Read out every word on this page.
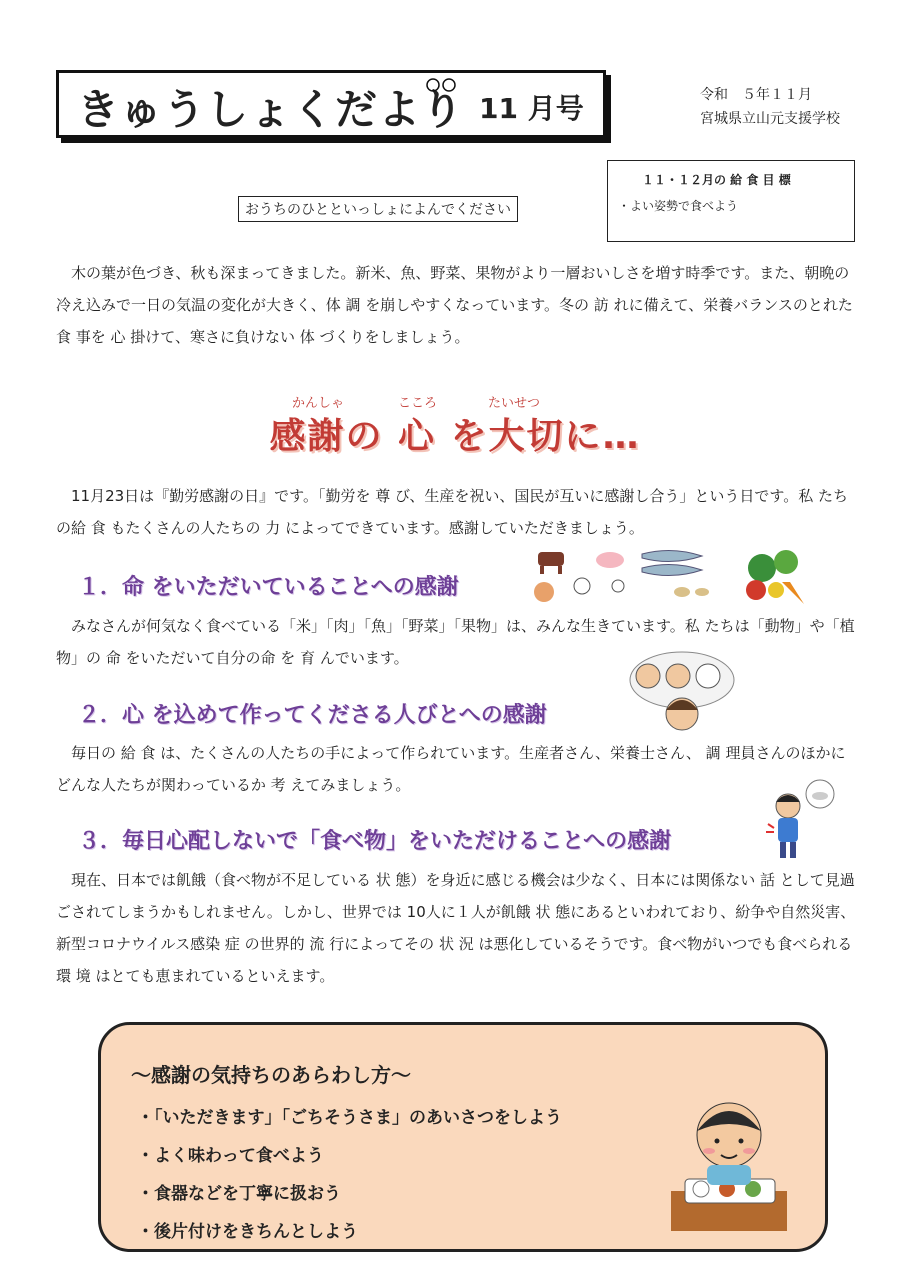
きゅうしょくだより 11 月号	令和　５年１１月
宮城県立山元支援学校
１１・１２月の 給 食 目 標
・よい姿勢で食べよう
おうちのひとといっしょによんでください
木の葉が色づき、秋も深まってきました。新米、魚、野菜、果物がより一層おいしさを増す時季です。また、朝晩の冷え込みで一日の気温の変化が大きく、体 調 を崩しやすくなっています。冬の 訪 れに備えて、栄養バランスのとれた 食 事を 心 掛けて、寒さに負けない 体 づくりをしましょう。
かんしゃ	こころ	たいせつ
感謝の 心 を大切に…
11月23日は『勤労感謝の日』です。「勤労を 尊 び、生産を祝い、国民が互いに感謝し合う」という日です。私 たちの給 食 もたくさんの人たちの 力 によってできています。感謝していただきましょう。
１．命 をいただいていることへの感謝
みなさんが何気なく食べている「米」「肉」「魚」「野菜」「果物」は、みんな生きています。私 たちは「動物」や「植 物」の 命 をいただいて自分の命 を 育 んでいます。
２．心 を込めて作ってくださる人びとへの感謝
毎日の 給 食 は、たくさんの人たちの手によって作られています。生産者さん、栄養士さん、 調 理員さんのほかにどんな人たちが関わっているか 考 えてみましょう。
３．毎日心配しないで「食べ物」をいただけることへの感謝
現在、日本では飢餓（食べ物が不足している 状 態）を身近に感じる機会は少なく、日本には関係ない 話 として見過ごされてしまうかもしれません。しかし、世界では 10人に１人が飢餓 状 態にあるといわれており、紛争や自然災害、新型コロナウイルス感染 症 の世界的 流 行によってその 状 況 は悪化しているそうです。食べ物がいつでも食べられる環 境 はとても恵まれているといえます。
～感謝の気持ちのあらわし方～
・「いただきます」「ごちそうさま」のあいさつをしよう
・よく味わって食べよう
・食器などを丁寧に扱おう
・後片付けをきちんとしよう
